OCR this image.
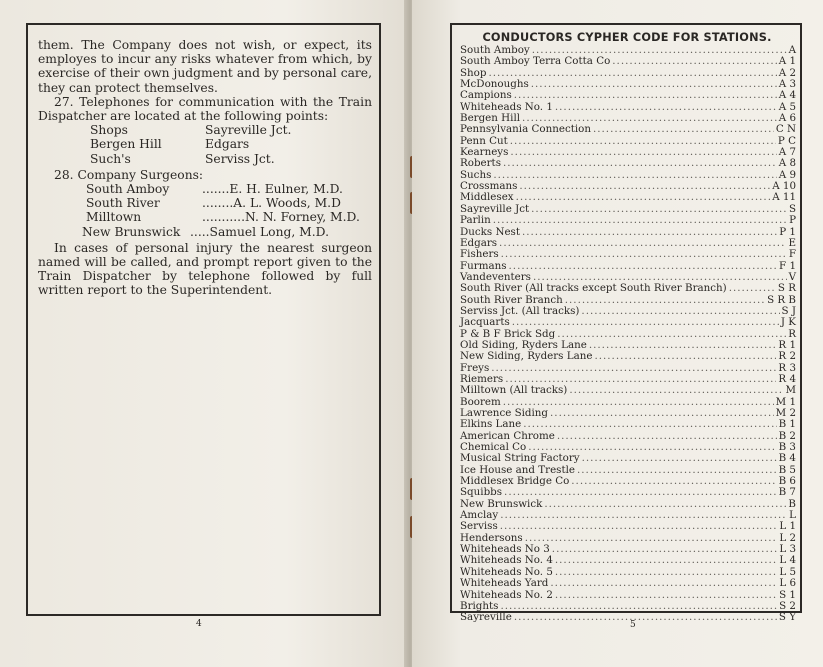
them. The Company does not wish, or expect, its employes to incur any risks whatever from which, by exercise of their own judgment and by personal care, they can protect themselves.

27. Telephones for communication with the Train Dispatcher are located at the following points:

Shops	Sayreville Jct.
Bergen Hill	Edgars
Such's	Serviss Jct.

28. Company Surgeons:

South Amboy	....... E. H. Eulner, M.D.
South River	........ A. L. Woods, M.D
Milltown	........... N. N. Forney, M.D.
New Brunswick ..... Samuel Long, M.D.

In cases of personal injury the nearest surgeon named will be called, and prompt report given to the Train Dispatcher by telephone followed by full written report to the Superintendent.

4
CONDUCTORS CYPHER CODE FOR STATIONS.
South Amboy .....	A
South Amboy Terra Cotta Co .....	A 1
Shop .....	A 2
McDonoughs .....	A 3
Campions .....	A 4
Whiteheads No. 1 .....	A 5
Bergen Hill .....	A 6
Pennsylvania Connection .....	C N
Penn Cut .....	P C
Kearneys .....	A 7
Roberts .....	A 8
Suchs .....	A 9
Crossmans .....	A 10
Middlesex .....	A 11
Sayreville Jct .....	S
Parlin .....	P
Ducks Nest .....	P 1
Edgars .....	E
Fishers .....	F
Furmans .....	F 1
Vandeventers .....	V
South River (All tracks except South River Branch) .....	S R
South River Branch .....	S R B
Serviss Jct. (All tracks) .....	S J
Jacquarts .....	J K
P & B F Brick Sdg .....	R
Old Siding, Ryders Lane .....	R 1
New Siding, Ryders Lane .....	R 2
Freys .....	R 3
Riemers .....	R 4
Milltown (All tracks) .....	M
Boorem .....	M 1
Lawrence Siding .....	M 2
Elkins Lane .....	B 1
American Chrome .....	B 2
Chemical Co .....	B 3
Musical String Factory .....	B 4
Ice House and Trestle .....	B 5
Middlesex Bridge Co .....	B 6
Squibbs .....	B 7
New Brunswick .....	B
Amclay .....	L
Serviss .....	L 1
Hendersons .....	L 2
Whiteheads No 3 .....	L 3
Whiteheads No. 4 .....	L 4
Whiteheads No. 5 .....	L 5
Whiteheads Yard .....	L 6
Whiteheads No. 2 .....	S 1
Brights .....	S 2
Sayreville .....	S Y
5
